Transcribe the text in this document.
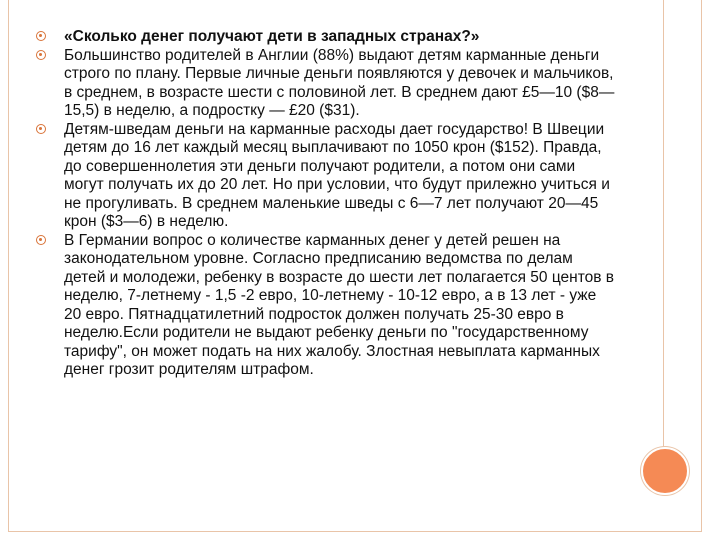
«Сколько денег получают дети в западных странах?»
Большинство родителей в Англии (88%) выдают детям карманные деньги строго по плану. Первые личные деньги появляются у девочек и мальчиков, в среднем, в возрасте шести с половиной лет. В среднем дают £5—10 ($8—15,5) в неделю, а подростку — £20 ($31).
Детям-шведам деньги на карманные расходы дает государство! В Швеции детям до 16 лет каждый месяц выплачивают по 1050 крон ($152). Правда, до совершеннолетия эти деньги получают родители, а потом они сами могут получать их до 20 лет. Но при условии, что будут прилежно учиться и не прогуливать. В среднем маленькие шведы с 6—7 лет получают 20—45 крон ($3—6) в неделю.
В Германии вопрос о количестве карманных денег у детей решен на законодательном уровне. Согласно предписанию ведомства по делам детей и молодежи, ребенку в возрасте до шести лет полагается 50 центов в неделю, 7-летнему - 1,5 -2 евро, 10-летнему - 10-12 евро, а в 13 лет - уже 20 евро. Пятнадцатилетний подросток должен получать 25-30 евро в неделю.Если родители не выдают ребенку деньги по "государственному тарифу", он может подать на них жалобу. Злостная невыплата карманных денег грозит родителям штрафом.
